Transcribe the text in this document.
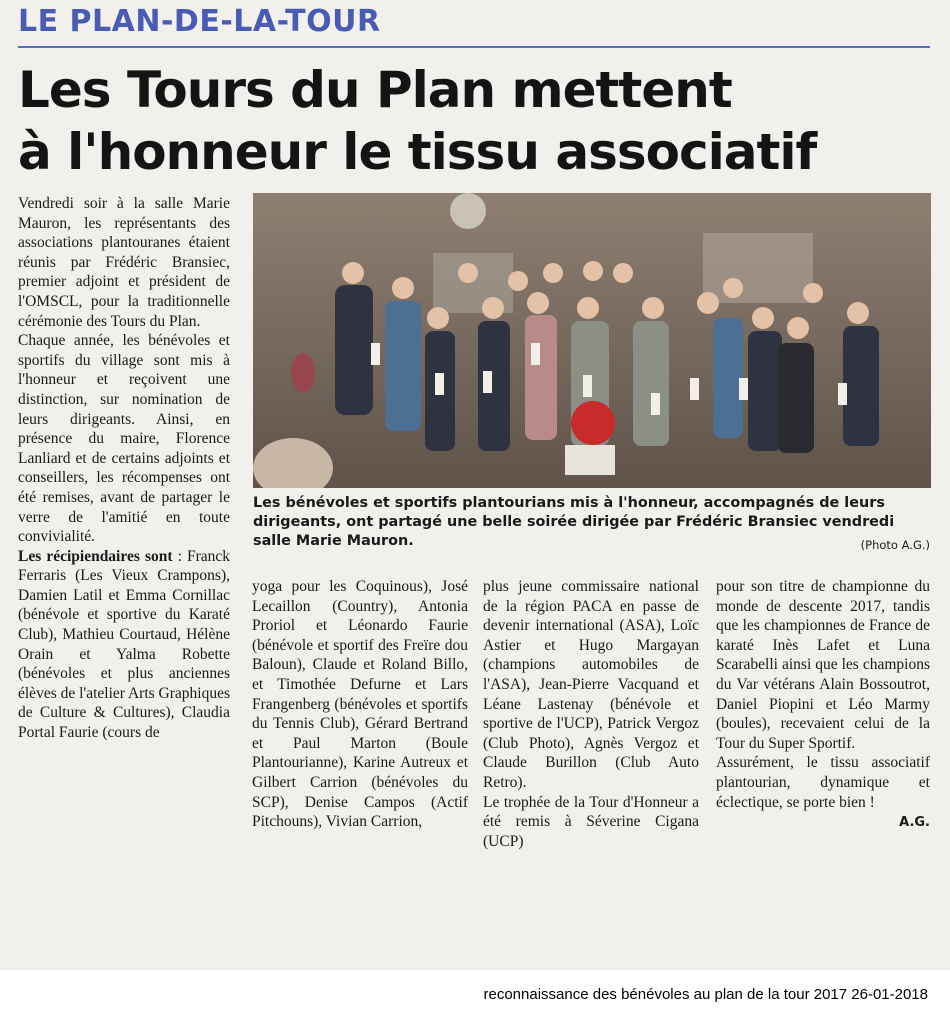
LE PLAN-DE-LA-TOUR
Les Tours du Plan mettent
à l'honneur le tissu associatif

Vendredi soir à la salle Marie Mauron, les représentants des associations plantouranes étaient réunis par Frédéric Bransiec, premier adjoint et président de l'OMSCL, pour la traditionnelle cérémonie des Tours du Plan.

Chaque année, les bénévoles et sportifs du village sont mis à l'honneur et reçoivent une distinction, sur nomination de leurs dirigeants. Ainsi, en présence du maire, Florence Lanliard et de certains adjoints et conseillers, les récompenses ont été remises, avant de partager le verre de l'amitié en toute convivialité.

Les récipiendaires sont : Franck Ferraris (Les Vieux Crampons), Damien Latil et Emma Cornillac (bénévole et sportive du Karaté Club), Mathieu Courtaud, Hélène Orain et Yalma Robette (bénévoles et plus anciennes élèves de l'atelier Arts Graphiques de Culture & Cultures), Claudia Portal Faurie (cours de

Les bénévoles et sportifs plantourians mis à l'honneur, accompagnés de leurs dirigeants, ont partagé une belle soirée dirigée par Frédéric Bransiec vendredi salle Marie Mauron.	(Photo A.G.)

yoga pour les Coquinous), José Lecaillon (Country), Antonia Proriol et Léonardo Faurie (bénévole et sportif des Freïre dou Baloun), Claude et Roland Billo, et Timothée Defurne et Lars Frangenberg (bénévoles et sportifs du Tennis Club), Gérard Bertrand et Paul Marton (Boule Plantourianne), Karine Autreux et Gilbert Carrion (bénévoles du SCP), Denise Campos (Actif Pitchouns), Vivian Carrion,

plus jeune commissaire national de la région PACA en passe de devenir international (ASA), Loïc Astier et Hugo Margayan (champions automobiles de l'ASA), Jean-Pierre Vacquand et Léane Lastenay (bénévole et sportive de l'UCP), Patrick Vergoz (Club Photo), Agnès Vergoz et Claude Burillon (Club Auto Retro).

Le trophée de la Tour d'Honneur a été remis à Séverine Cigana (UCP)

pour son titre de championne du monde de descente 2017, tandis que les championnes de France de karaté Inès Lafet et Luna Scarabelli ainsi que les champions du Var vétérans Alain Bossoutrot, Daniel Piopini et Léo Marmy (boules), recevaient celui de la Tour du Super Sportif.

Assurément, le tissu associatif plantourian, dynamique et éclectique, se porte bien !

A.G.

reconnaissance des bénévoles au plan de la tour 2017 26-01-2018
